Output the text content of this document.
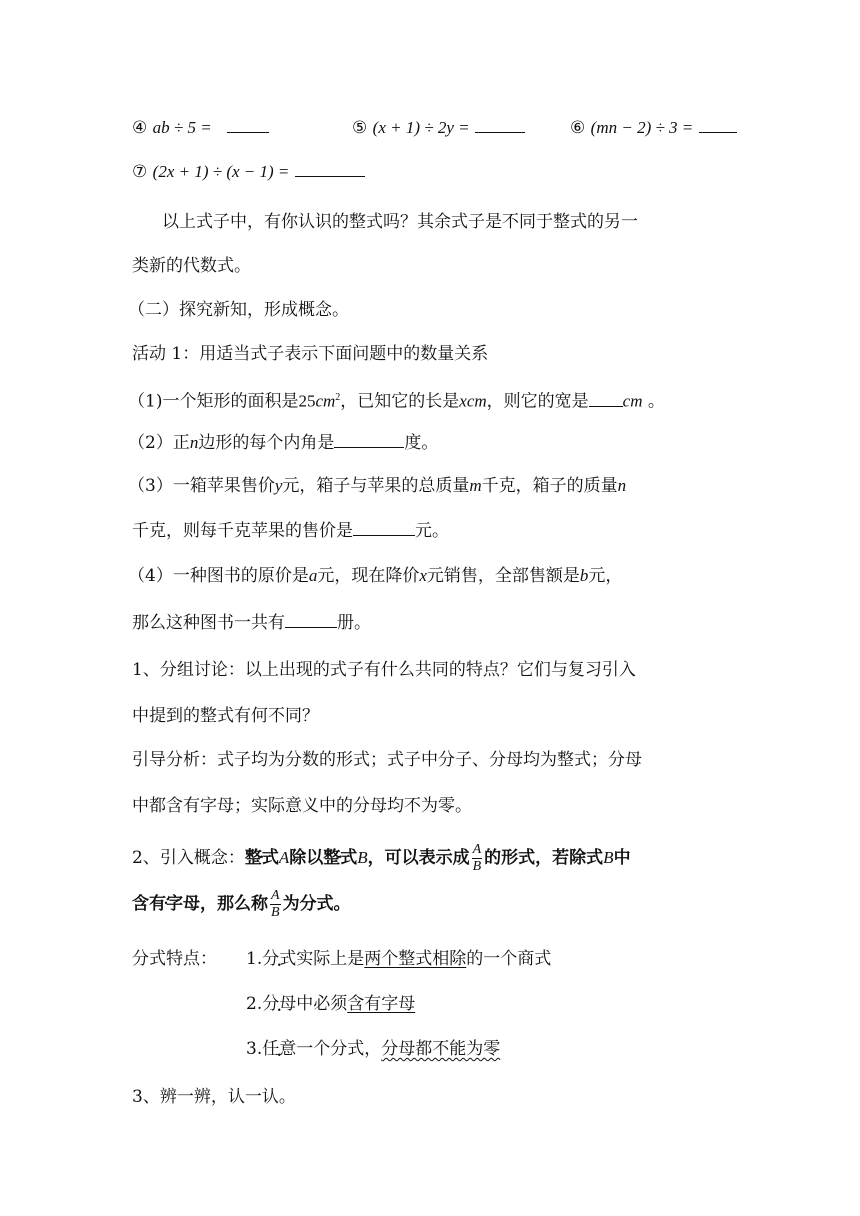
④ ab ÷ 5 =	⑤ (x + 1) ÷ 2y =	⑥ (mn − 2) ÷ 3 =
⑦ (2x + 1) ÷ (x − 1) =
以上式子中，有你认识的整式吗？其余式子是不同于整式的另一
类新的代数式。
（二）探究新知，形成概念。
活动 1：用适当式子表示下面问题中的数量关系
（1)一个矩形的面积是$25cm^2$，已知它的长是xcm，则它的宽是 cm 。
（2）正n边形的每个内角是	度。
（3）一箱苹果售价y元，箱子与苹果的总质量m千克，箱子的质量n
千克，则每千克苹果的售价是	元。
（4）一种图书的原价是a元，现在降价x元销售，全部售额是b元，
那么这种图书一共有	册。
1、分组讨论：以上出现的式子有什么共同的特点？它们与复习引入
中提到的整式有何不同？
引导分析：式子均为分数的形式；式子中分子、分母均为整式；分母
中都含有字母；实际意义中的分母均不为零。
2、引入概念：整式 •A除以整式 •B，可以表示成 $\frac{A}{B}$ 的形式，若除式B中
含有字母 •，那么称 $\frac{A}{B}$ 为分式。
分式特点： 1.分式实际上是两个整式相除的一个商式
2.分母中必须含有字母
3.任意一个分式，分母都不能为零
3、辨一辨，认一认。
